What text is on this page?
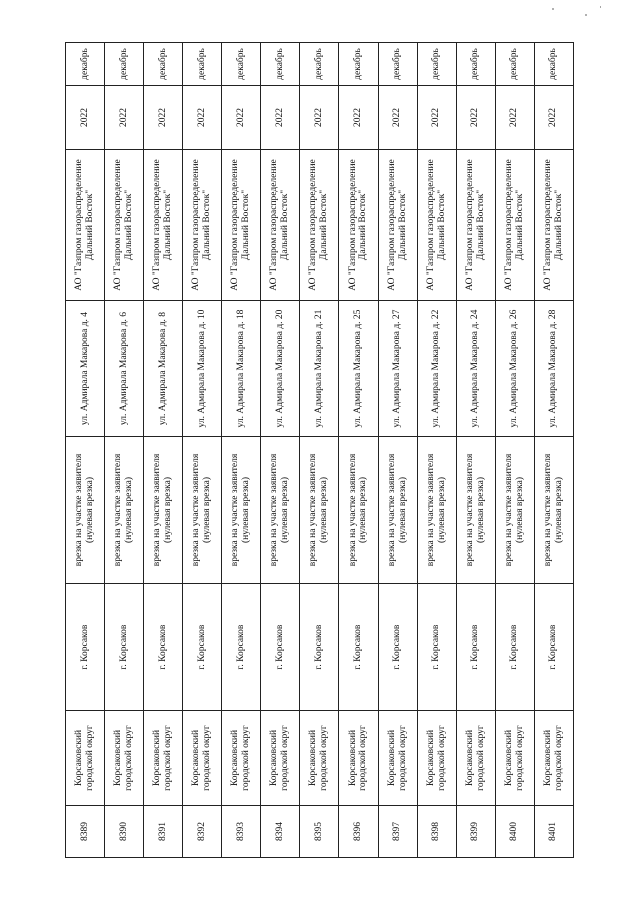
8389	Корсаковский городской округ	г. Корсаков	врезка на участке заявителя (нулевая врезка)	ул. Адмирала Макарова д. 4	АО "Газпром газораспределение Дальний Восток"	2022	декабрь
8390	Корсаковский городской округ	г. Корсаков	врезка на участке заявителя (нулевая врезка)	ул. Адмирала Макарова д. 6	АО "Газпром газораспределение Дальний Восток"	2022	декабрь
8391	Корсаковский городской округ	г. Корсаков	врезка на участке заявителя (нулевая врезка)	ул. Адмирала Макарова д. 8	АО "Газпром газораспределение Дальний Восток"	2022	декабрь
8392	Корсаковский городской округ	г. Корсаков	врезка на участке заявителя (нулевая врезка)	ул. Адмирала Макарова д. 10	АО "Газпром газораспределение Дальний Восток"	2022	декабрь
8393	Корсаковский городской округ	г. Корсаков	врезка на участке заявителя (нулевая врезка)	ул. Адмирала Макарова д. 18	АО "Газпром газораспределение Дальний Восток"	2022	декабрь
8394	Корсаковский городской округ	г. Корсаков	врезка на участке заявителя (нулевая врезка)	ул. Адмирала Макарова д. 20	АО "Газпром газораспределение Дальний Восток"	2022	декабрь
8395	Корсаковский городской округ	г. Корсаков	врезка на участке заявителя (нулевая врезка)	ул. Адмирала Макарова д. 21	АО "Газпром газораспределение Дальний Восток"	2022	декабрь
8396	Корсаковский городской округ	г. Корсаков	врезка на участке заявителя (нулевая врезка)	ул. Адмирала Макарова д. 25	АО "Газпром газораспределение Дальний Восток"	2022	декабрь
8397	Корсаковский городской округ	г. Корсаков	врезка на участке заявителя (нулевая врезка)	ул. Адмирала Макарова д. 27	АО "Газпром газораспределение Дальний Восток"	2022	декабрь
8398	Корсаковский городской округ	г. Корсаков	врезка на участке заявителя (нулевая врезка)	ул. Адмирала Макарова д. 22	АО "Газпром газораспределение Дальний Восток"	2022	декабрь
8399	Корсаковский городской округ	г. Корсаков	врезка на участке заявителя (нулевая врезка)	ул. Адмирала Макарова д. 24	АО "Газпром газораспределение Дальний Восток"	2022	декабрь
8400	Корсаковский городской округ	г. Корсаков	врезка на участке заявителя (нулевая врезка)	ул. Адмирала Макарова д. 26	АО "Газпром газораспределение Дальний Восток"	2022	декабрь
8401	Корсаковский городской округ	г. Корсаков	врезка на участке заявителя (нулевая врезка)	ул. Адмирала Макарова д. 28	АО "Газпром газораспределение Дальний Восток"	2022	декабрь
